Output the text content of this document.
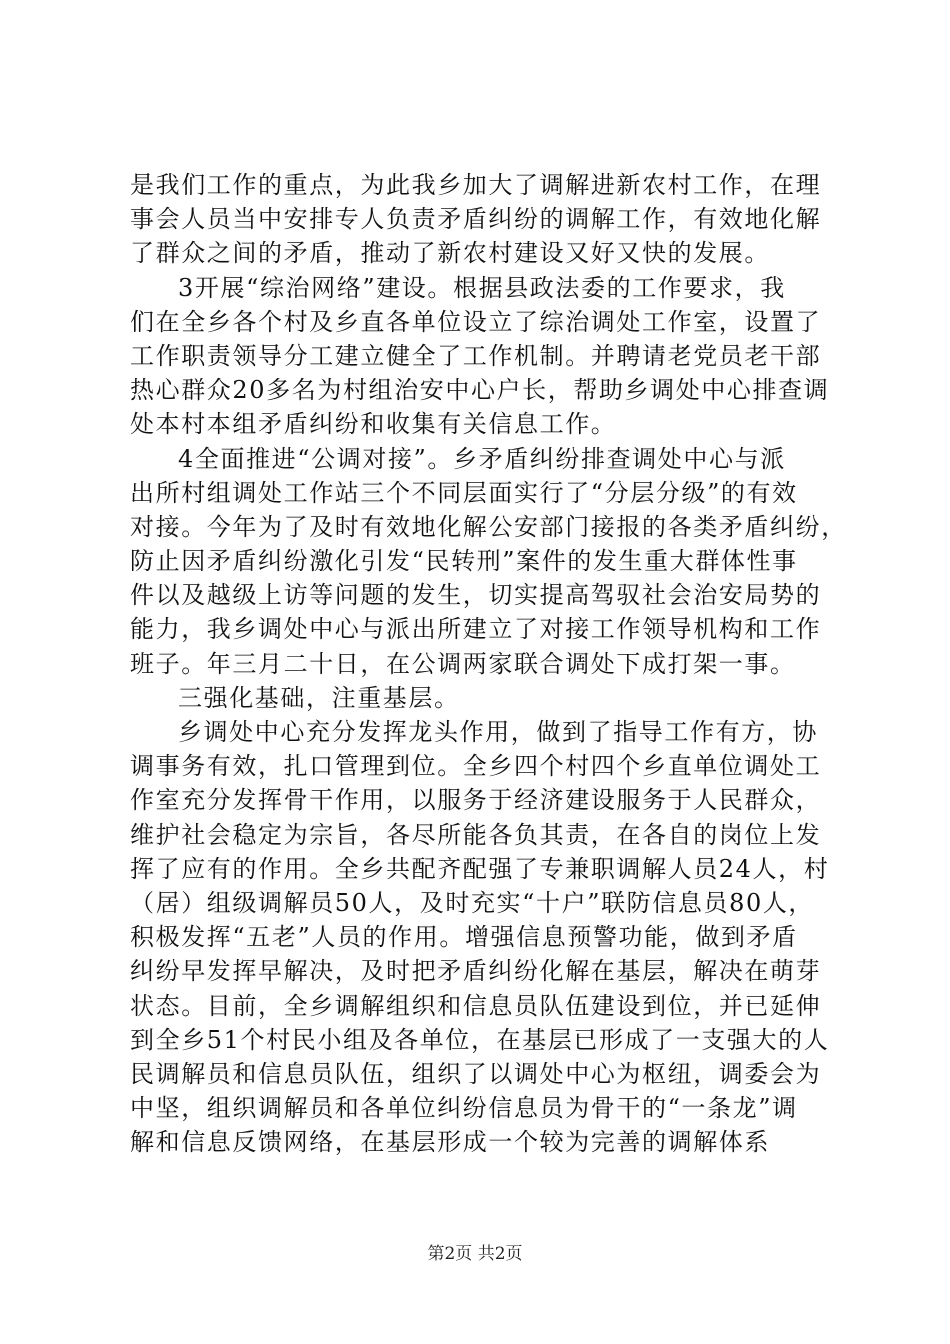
是我们工作的重点，为此我乡加大了调解进新农村工作，在理
事会人员当中安排专人负责矛盾纠纷的调解工作，有效地化解
了群众之间的矛盾，推动了新农村建设又好又快的发展。
3开展“综治网络”建设。根据县政法委的工作要求，我
们在全乡各个村及乡直各单位设立了综治调处工作室，设置了
工作职责领导分工建立健全了工作机制。并聘请老党员老干部
热心群众20多名为村组治安中心户长，帮助乡调处中心排查调
处本村本组矛盾纠纷和收集有关信息工作。
4全面推进“公调对接”。乡矛盾纠纷排查调处中心与派
出所村组调处工作站三个不同层面实行了“分层分级”的有效
对接。今年为了及时有效地化解公安部门接报的各类矛盾纠纷，
防止因矛盾纠纷激化引发“民转刑”案件的发生重大群体性事
件以及越级上访等问题的发生，切实提高驾驭社会治安局势的
能力，我乡调处中心与派出所建立了对接工作领导机构和工作
班子。年三月二十日，在公调两家联合调处下成打架一事。
三强化基础，注重基层。
乡调处中心充分发挥龙头作用，做到了指导工作有方，协
调事务有效，扎口管理到位。全乡四个村四个乡直单位调处工
作室充分发挥骨干作用，以服务于经济建设服务于人民群众，
维护社会稳定为宗旨，各尽所能各负其责，在各自的岗位上发
挥了应有的作用。全乡共配齐配强了专兼职调解人员24人，村
（居）组级调解员50人，及时充实“十户”联防信息员80人，
积极发挥“五老”人员的作用。增强信息预警功能，做到矛盾
纠纷早发挥早解决，及时把矛盾纠纷化解在基层，解决在萌芽
状态。目前，全乡调解组织和信息员队伍建设到位，并已延伸
到全乡51个村民小组及各单位，在基层已形成了一支强大的人
民调解员和信息员队伍，组织了以调处中心为枢纽，调委会为
中坚，组织调解员和各单位纠纷信息员为骨干的“一条龙”调
解和信息反馈网络，在基层形成一个较为完善的调解体系
第2页 共2页
